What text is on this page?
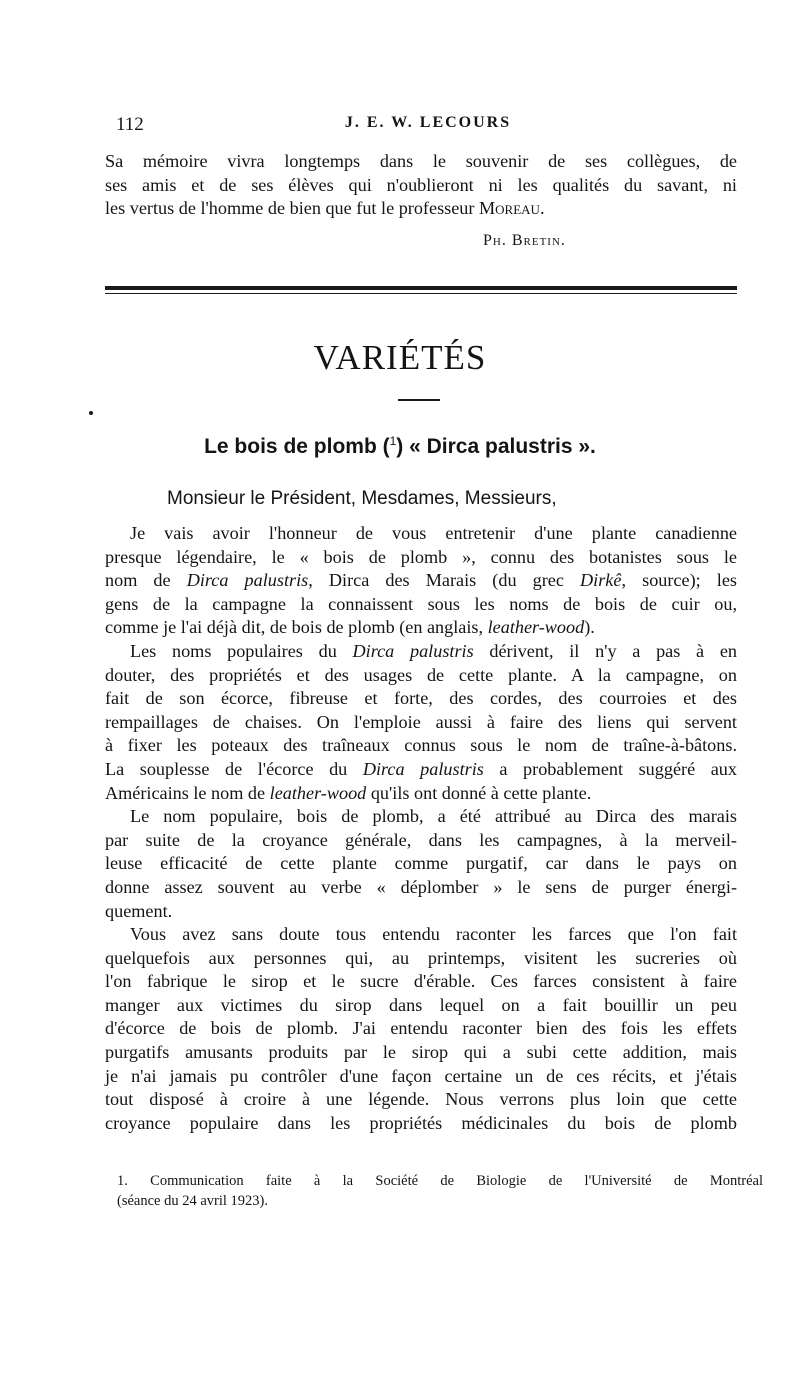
112	J. E. W. LECOURS
Sa mémoire vivra longtemps dans le souvenir de ses collègues, de
ses amis et de ses élèves qui n'oublieront ni les qualités du savant, ni
les vertus de l'homme de bien que fut le professeur Moreau.
Ph. Bretin.
VARIÉTÉS
Le bois de plomb ($^1$) « Dirca palustris ».
Monsieur le Président, Mesdames, Messieurs,
Je vais avoir l'honneur de vous entretenir d'une plante canadienne
presque légendaire, le « bois de plomb », connu des botanistes sous le
nom de Dirca palustris, Dirca des Marais (du grec Dirkê, source); les
gens de la campagne la connaissent sous les noms de bois de cuir ou,
comme je l'ai déjà dit, de bois de plomb (en anglais, leather-wood).
Les noms populaires du Dirca palustris dérivent, il n'y a pas à en
douter, des propriétés et des usages de cette plante. A la campagne, on
fait de son écorce, fibreuse et forte, des cordes, des courroies et des
rempaillages de chaises. On l'emploie aussi à faire des liens qui servent
à fixer les poteaux des traîneaux connus sous le nom de traîne-à-bâtons.
La souplesse de l'écorce du Dirca palustris a probablement suggéré aux
Américains le nom de leather-wood qu'ils ont donné à cette plante.
Le nom populaire, bois de plomb, a été attribué au Dirca des marais
par suite de la croyance générale, dans les campagnes, à la merveil-
leuse efficacité de cette plante comme purgatif, car dans le pays on
donne assez souvent au verbe « déplomber » le sens de purger énergi-
quement.
Vous avez sans doute tous entendu raconter les farces que l'on fait
quelquefois aux personnes qui, au printemps, visitent les sucreries où
l'on fabrique le sirop et le sucre d'érable. Ces farces consistent à faire
manger aux victimes du sirop dans lequel on a fait bouillir un peu
d'écorce de bois de plomb. J'ai entendu raconter bien des fois les effets
purgatifs amusants produits par le sirop qui a subi cette addition, mais
je n'ai jamais pu contrôler d'une façon certaine un de ces récits, et j'étais
tout disposé à croire à une légende. Nous verrons plus loin que cette
croyance populaire dans les propriétés médicinales du bois de plomb
1. Communication faite à la Société de Biologie de l'Université de Montréal
(séance du 24 avril 1923).
